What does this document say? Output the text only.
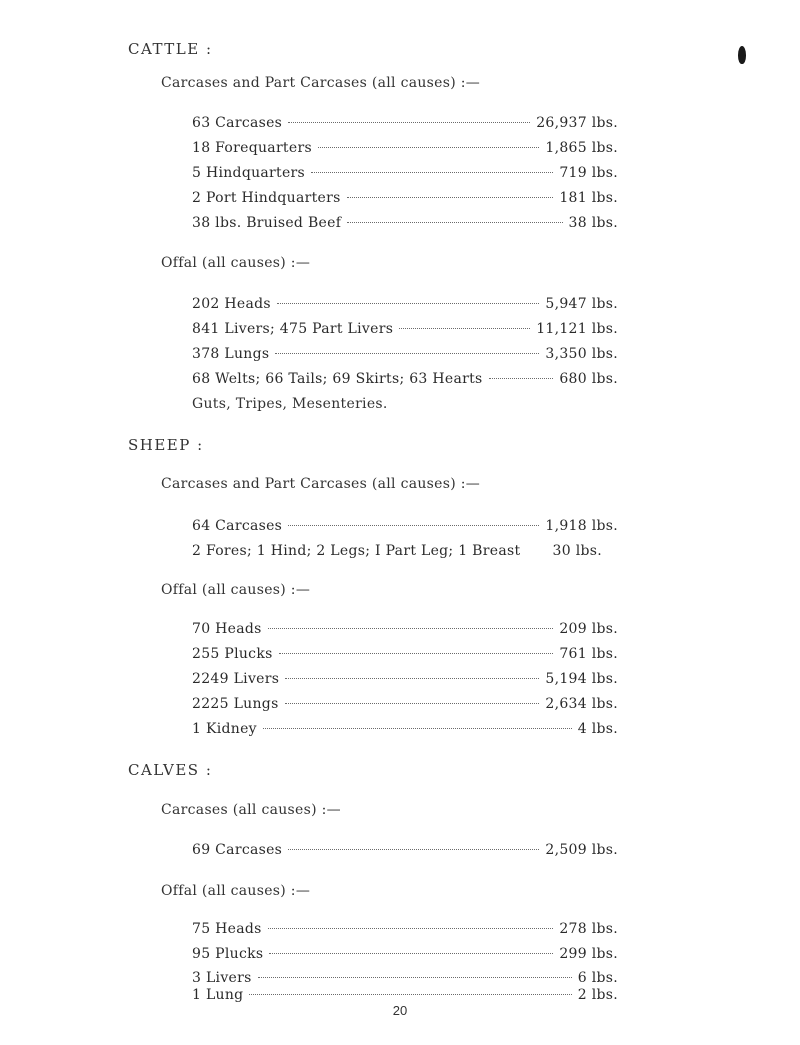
CATTLE :
Carcases and Part Carcases (all causes) :—
63 Carcases	26,937 lbs.
18 Forequarters	1,865 lbs.
5 Hindquarters	719 lbs.
2 Port Hindquarters	181 lbs.
38 lbs. Bruised Beef	38 lbs.
Offal (all causes) :—
202 Heads	5,947 lbs.
841 Livers; 475 Part Livers	11,121 lbs.
378 Lungs	3,350 lbs.
68 Welts; 66 Tails; 69 Skirts; 63 Hearts	680 lbs.
Guts, Tripes, Mesenteries.
SHEEP :
Carcases and Part Carcases (all causes) :—
64 Carcases	1,918 lbs.
2 Fores; 1 Hind; 2 Legs; I Part Leg; 1 Breast	30 lbs.
Offal (all causes) :—
70 Heads	209 lbs.
255 Plucks	761 lbs.
2249 Livers	5,194 lbs.
2225 Lungs	2,634 lbs.
1 Kidney	4 lbs.
CALVES :
Carcases (all causes) :—
69 Carcases	2,509 lbs.
Offal (all causes) :—
75 Heads	278 lbs.
95 Plucks	299 lbs.
3 Livers	6 lbs.
1 Lung	2 lbs.
20
